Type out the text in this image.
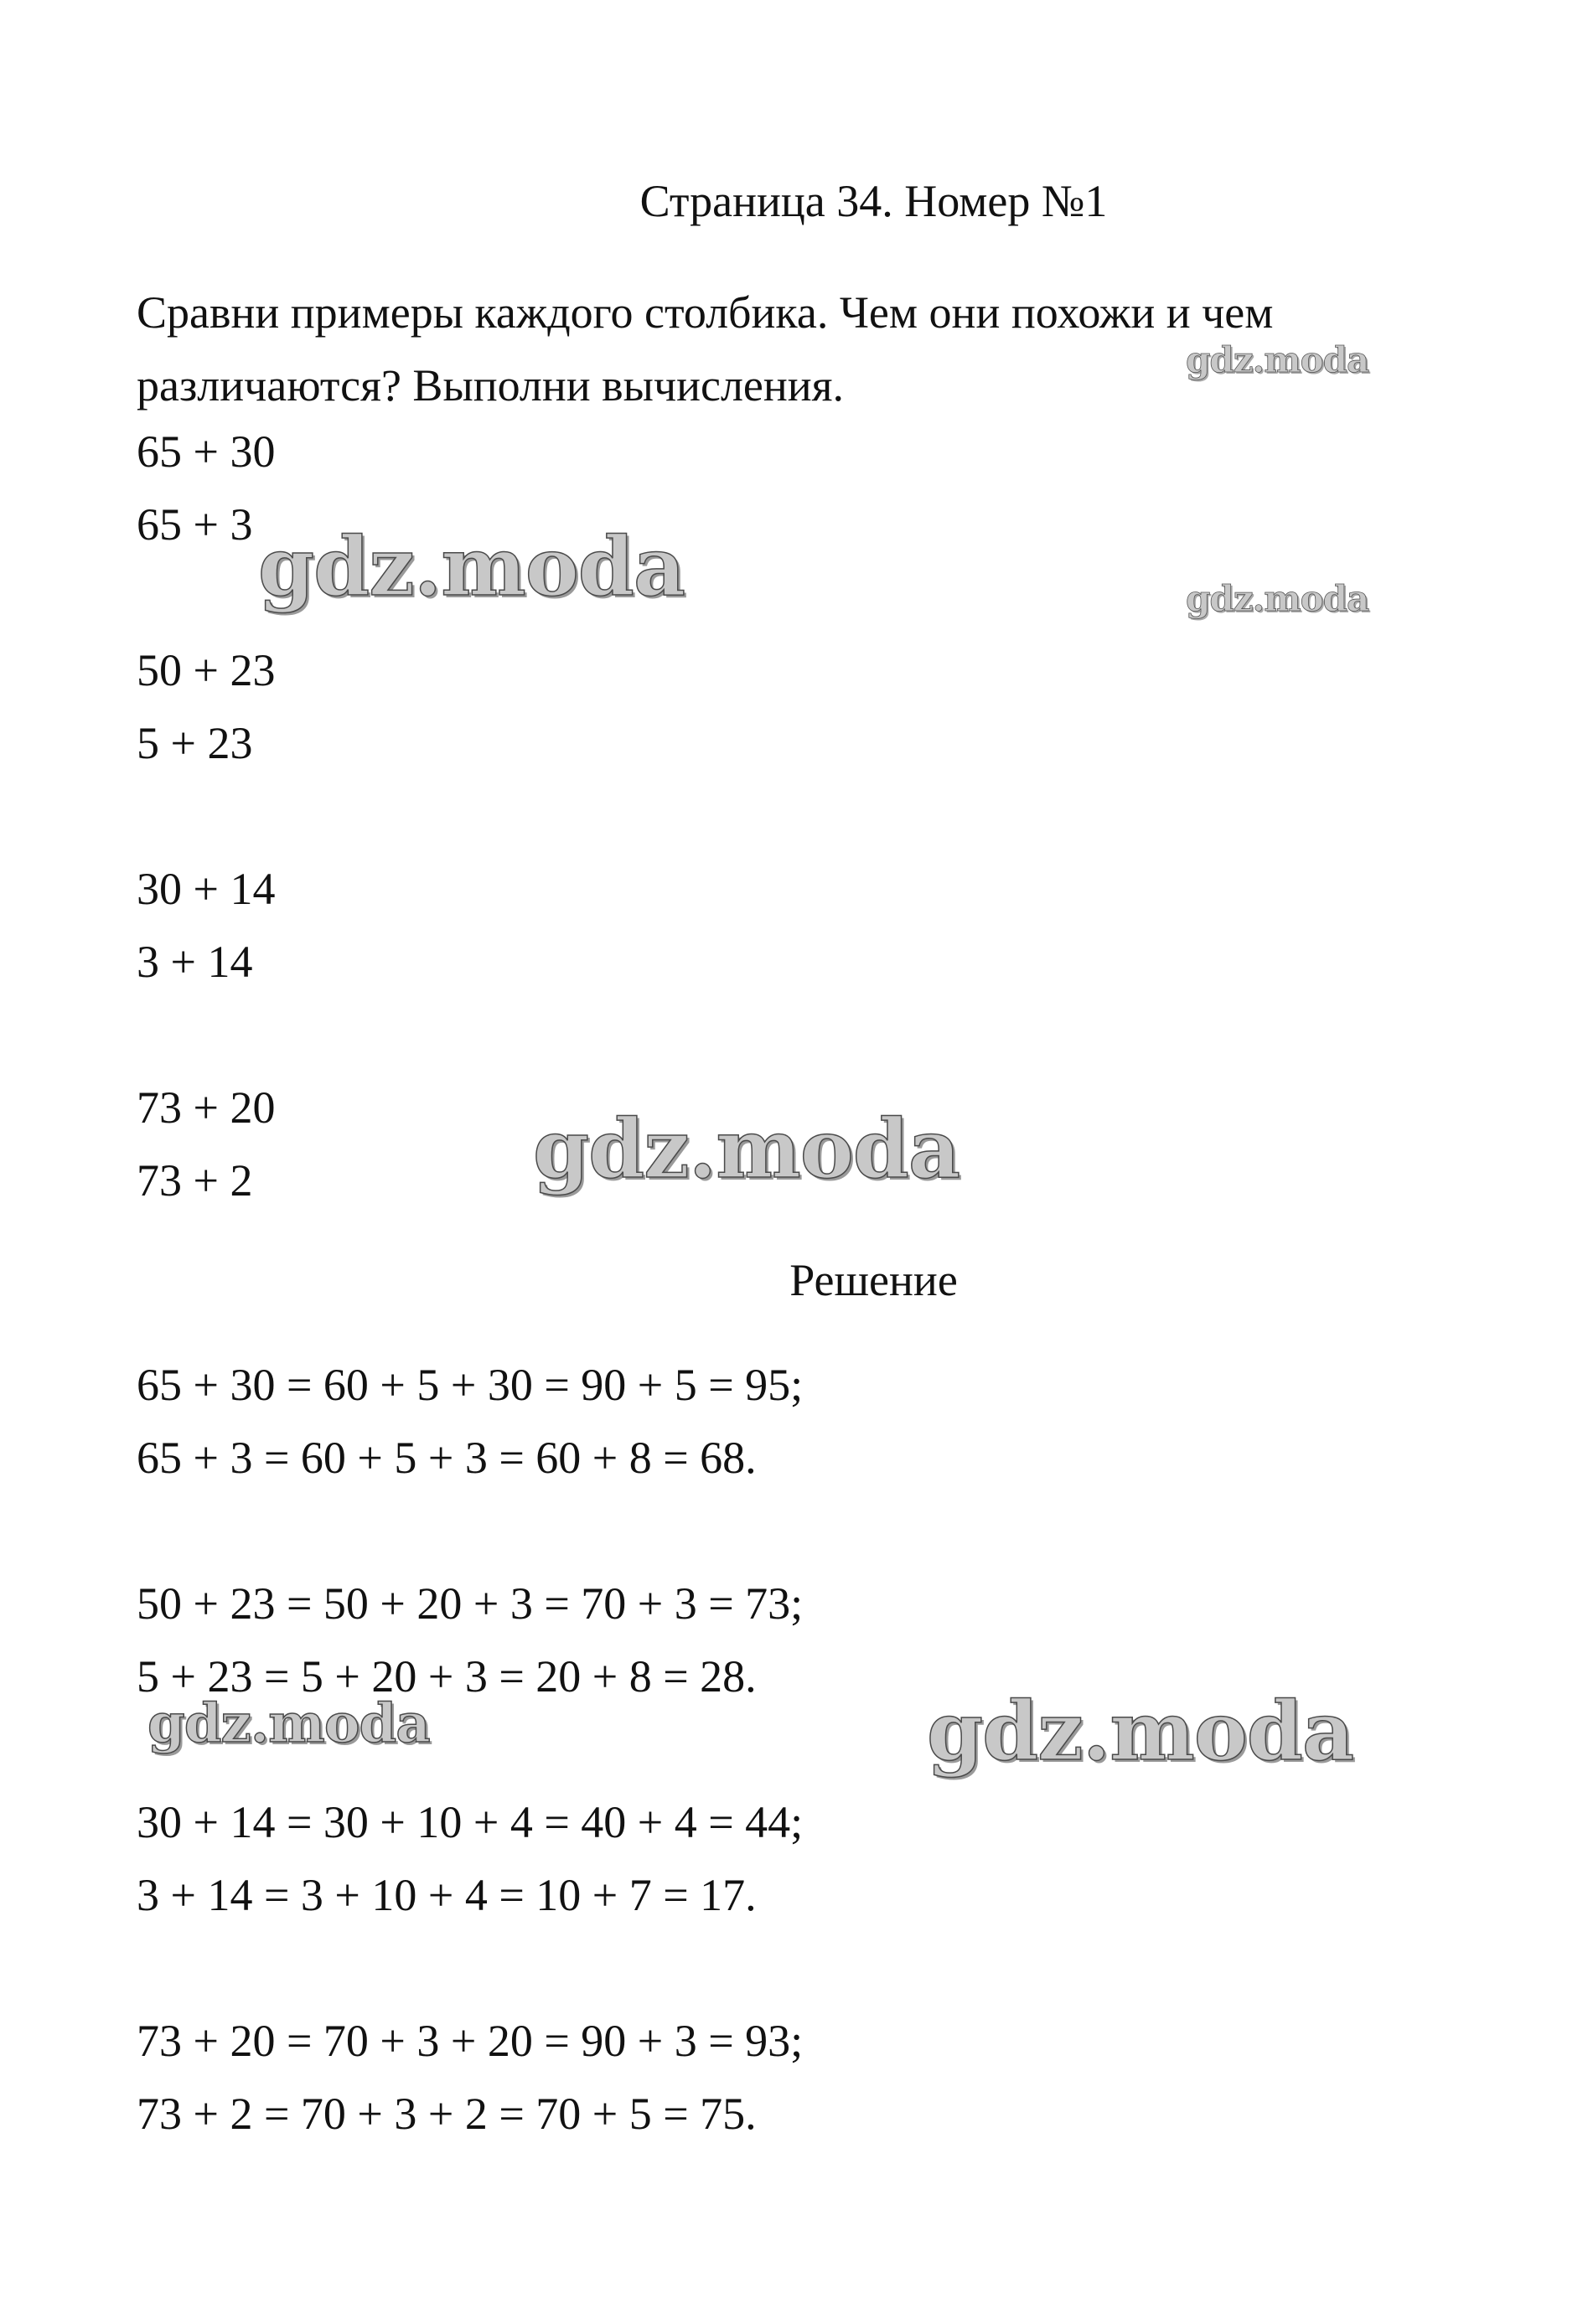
Страница 34. Номер №1
Сравни примеры каждого столбика. Чем они похожи и чем различаются? Выполни вычисления.
65 + 30
65 + 3
50 + 23
5 + 23
30 + 14
3 + 14
73 + 20
73 + 2
Решение
65 + 30 = 60 + 5 + 30 = 90 + 5 = 95;
65 + 3 = 60 + 5 + 3 = 60 + 8 = 68.
50 + 23 = 50 + 20 + 3 = 70 + 3 = 73;
5 + 23 = 5 + 20 + 3 = 20 + 8 = 28.
30 + 14 = 30 + 10 + 4 = 40 + 4 = 44;
3 + 14 = 3 + 10 + 4 = 10 + 7 = 17.
73 + 20 = 70 + 3 + 20 = 90 + 3 = 93;
73 + 2 = 70 + 3 + 2 = 70 + 5 = 75.
gdz.moda
gdz.moda	gdz.moda
gdz.moda
gdz.moda	gdz.moda
